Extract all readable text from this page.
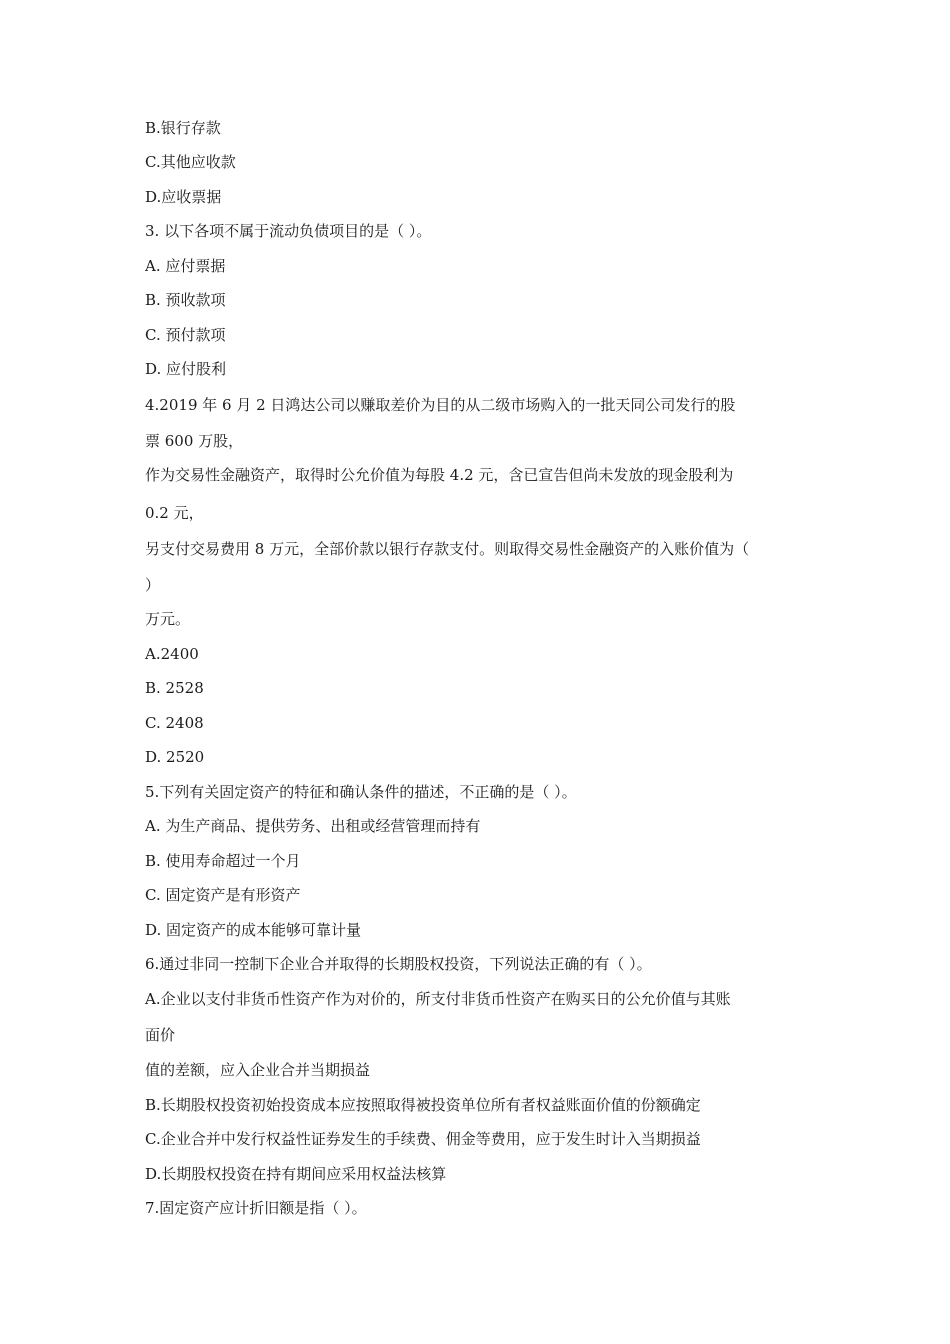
B.银行存款
C.其他应收款
D.应收票据
3. 以下各项不属于流动负债项目的是（ ）。
A. 应付票据
B. 预收款项
C. 预付款项
D. 应付股利
4.2019 年 6 月 2 日鸿达公司以赚取差价为目的从二级市场购入的一批天同公司发行的股
票 600 万股，
作为交易性金融资产，取得时公允价值为每股 4.2 元，含已宣告但尚未发放的现金股利为
0.2 元，
另支付交易费用 8 万元，全部价款以银行存款支付。则取得交易性金融资产的入账价值为（
）
万元。
A.2400
B. 2528
C. 2408
D. 2520
5.下列有关固定资产的特征和确认条件的描述，不正确的是（ ）。
A. 为生产商品、提供劳务、出租或经营管理而持有
B. 使用寿命超过一个月
C. 固定资产是有形资产
D. 固定资产的成本能够可靠计量
6.通过非同一控制下企业合并取得的长期股权投资，下列说法正确的有（ ）。
A.企业以支付非货币性资产作为对价的，所支付非货币性资产在购买日的公允价值与其账
面价
值的差额，应入企业合并当期损益
B.长期股权投资初始投资成本应按照取得被投资单位所有者权益账面价值的份额确定
C.企业合并中发行权益性证券发生的手续费、佣金等费用，应于发生时计入当期损益
D.长期股权投资在持有期间应采用权益法核算
7.固定资产应计折旧额是指（ ）。
